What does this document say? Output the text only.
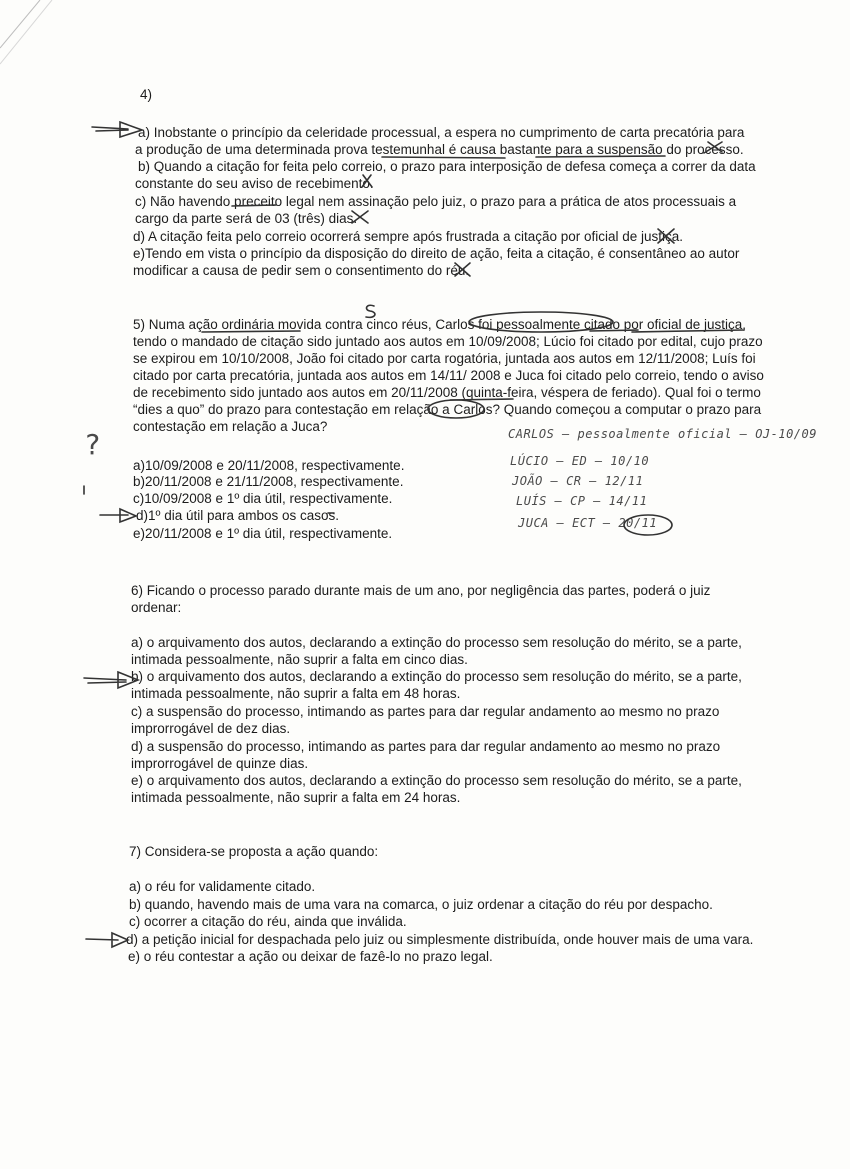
4)
a) Inobstante o princípio da celeridade processual, a espera no cumprimento de carta precatória para
a produção de uma determinada prova testemunhal é causa bastante para a suspensão do processo.
b) Quando a citação for feita pelo correio, o prazo para interposição de defesa começa a correr da data
constante do seu aviso de recebimento.
c) Não havendo preceito legal nem assinação pelo juiz, o prazo para a prática de atos processuais a
cargo da parte será de 03 (três) dias.
d) A citação feita pelo correio ocorrerá sempre após frustrada a citação por oficial de justiça.
e)Tendo em vista o princípio da disposição do direito de ação, feita a citação, é consentâneo ao autor
modificar a causa de pedir sem o consentimento do réu.
5) Numa ação ordinária movida contra cinco réus, Carlos foi pessoalmente citado por oficial de justiça,
tendo o mandado de citação sido juntado aos autos em 10/09/2008; Lúcio foi citado por edital, cujo prazo
se expirou em 10/10/2008, João foi citado por carta rogatória, juntada aos autos em 12/11/2008; Luís foi
citado por carta precatória, juntada aos autos em 14/11/ 2008 e Juca foi citado pelo correio, tendo o aviso
de recebimento sido juntado aos autos em 20/11/2008 (quinta-feira, véspera de feriado). Qual foi o termo
“dies a quo” do prazo para contestação em relação a Carlos? Quando começou a computar o prazo para
contestação em relação a Juca?
a)10/09/2008 e 20/11/2008, respectivamente.
b)20/11/2008 e 21/11/2008, respectivamente.
c)10/09/2008 e 1º dia útil, respectivamente.
d)1º dia útil para ambos os casos.
e)20/11/2008 e 1º dia útil, respectivamente.
CARLOS – pessoalmente oficial – OJ-10/09
LÚCIO – ED – 10/10
JOÃO – CR – 12/11
LUÍS – CP – 14/11
JUCA – ECT – 20/11
?
6) Ficando o processo parado durante mais de um ano, por negligência das partes, poderá o juiz
ordenar:
a) o arquivamento dos autos, declarando a extinção do processo sem resolução do mérito, se a parte,
intimada pessoalmente, não suprir a falta em cinco dias.
b) o arquivamento dos autos, declarando a extinção do processo sem resolução do mérito, se a parte,
intimada pessoalmente, não suprir a falta em 48 horas.
c) a suspensão do processo, intimando as partes para dar regular andamento ao mesmo no prazo
improrrogável de dez dias.
d) a suspensão do processo, intimando as partes para dar regular andamento ao mesmo no prazo
improrrogável de quinze dias.
e) o arquivamento dos autos, declarando a extinção do processo sem resolução do mérito, se a parte,
intimada pessoalmente, não suprir a falta em 24 horas.
7) Considera-se proposta a ação quando:
a) o réu for validamente citado.
b) quando, havendo mais de uma vara na comarca, o juiz ordenar a citação do réu por despacho.
c) ocorrer a citação do réu, ainda que inválida.
d) a petição inicial for despachada pelo juiz ou simplesmente distribuída, onde houver mais de uma vara.
e) o réu contestar a ação ou deixar de fazê-lo no prazo legal.
